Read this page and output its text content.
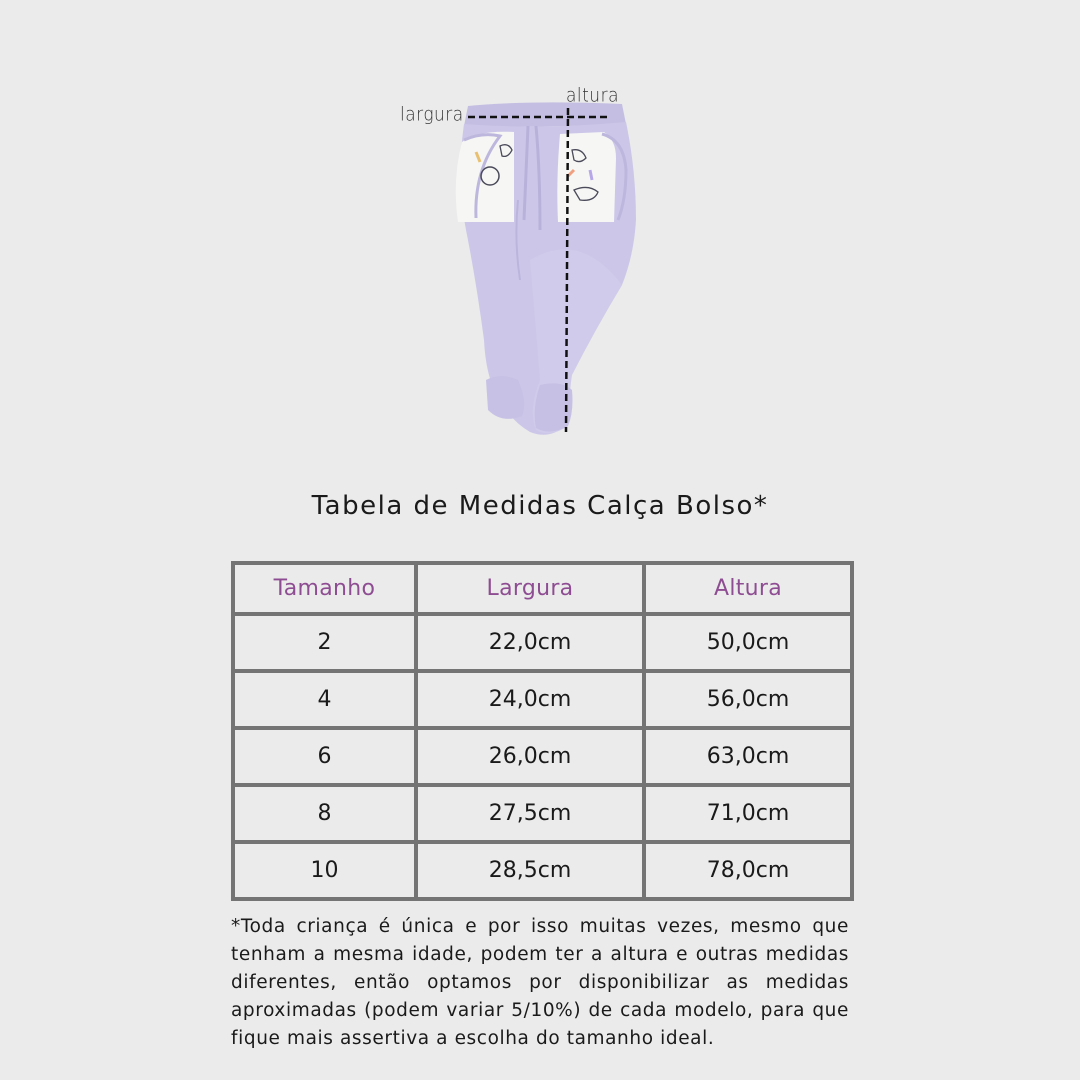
largura
altura
Tabela de Medidas Calça Bolso*
Tamanho	Largura	Altura
2	22,0cm	50,0cm
4	24,0cm	56,0cm
6	26,0cm	63,0cm
8	27,5cm	71,0cm
10	28,5cm	78,0cm

*Toda criança é única e por isso muitas vezes, mesmo que tenham a mesma idade, podem ter a altura e outras medidas diferentes, então optamos por disponibilizar as medidas aproximadas (podem variar 5/10%) de cada modelo, para que fique mais assertiva a escolha do tamanho ideal.
